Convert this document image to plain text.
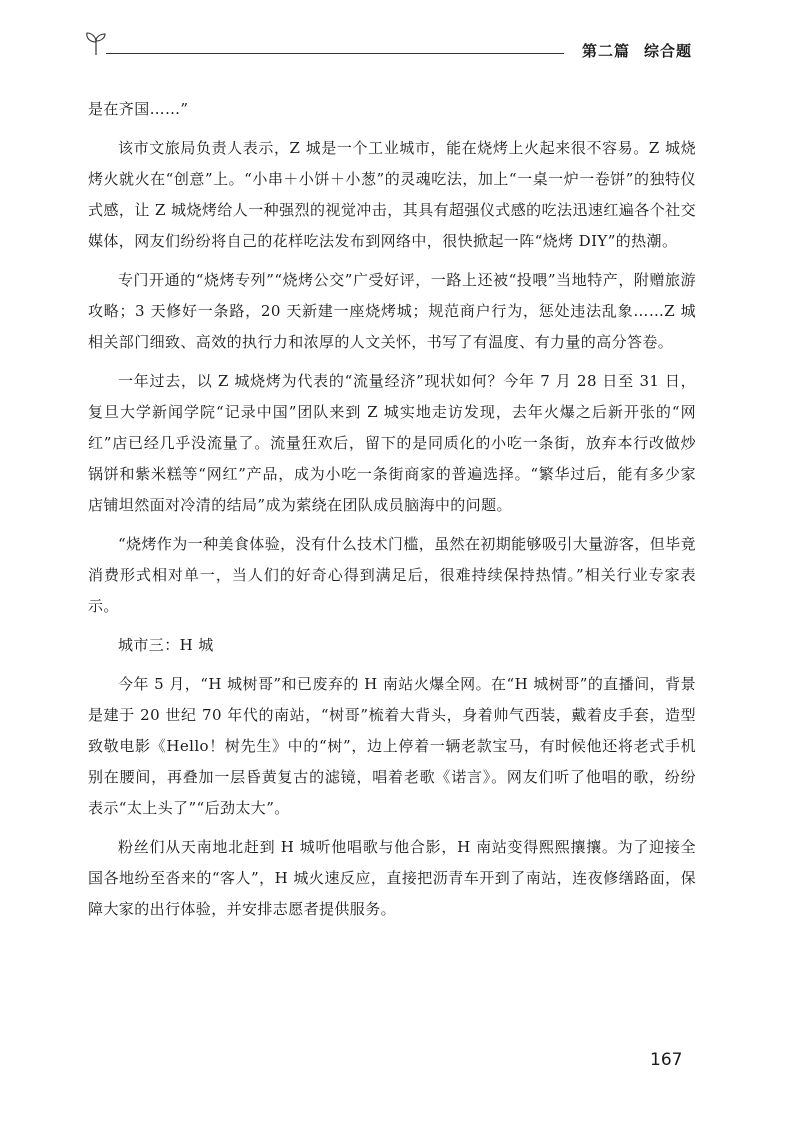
第二篇 综合题

是在齐国……”

该市文旅局负责人表示，Z 城是一个工业城市，能在烧烤上火起来很不容易。Z 城烧烤火就火在“创意”上。“小串＋小饼＋小葱”的灵魂吃法，加上“一桌一炉一卷饼”的独特仪式感，让 Z 城烧烤给人一种强烈的视觉冲击，其具有超强仪式感的吃法迅速红遍各个社交媒体，网友们纷纷将自己的花样吃法发布到网络中，很快掀起一阵“烧烤 DIY”的热潮。

专门开通的“烧烤专列”“烧烤公交”广受好评，一路上还被“投喂”当地特产，附赠旅游攻略；3 天修好一条路，20 天新建一座烧烤城；规范商户行为，惩处违法乱象……Z 城相关部门细致、高效的执行力和浓厚的人文关怀，书写了有温度、有力量的高分答卷。

一年过去，以 Z 城烧烤为代表的“流量经济”现状如何？今年 7 月 28 日至 31 日，复旦大学新闻学院“记录中国”团队来到 Z 城实地走访发现，去年火爆之后新开张的“网红”店已经几乎没流量了。流量狂欢后，留下的是同质化的小吃一条街，放弃本行改做炒锅饼和紫米糕等“网红”产品，成为小吃一条街商家的普遍选择。“繁华过后，能有多少家店铺坦然面对冷清的结局”成为萦绕在团队成员脑海中的问题。

“烧烤作为一种美食体验，没有什么技术门槛，虽然在初期能够吸引大量游客，但毕竟消费形式相对单一，当人们的好奇心得到满足后，很难持续保持热情。”相关行业专家表示。

城市三：H 城

今年 5 月，“H 城树哥”和已废弃的 H 南站火爆全网。在“H 城树哥”的直播间，背景是建于 20 世纪 70 年代的南站，“树哥”梳着大背头，身着帅气西装，戴着皮手套，造型致敬电影《Hello！树先生》中的“树”，边上停着一辆老款宝马，有时候他还将老式手机别在腰间，再叠加一层昏黄复古的滤镜，唱着老歌《诺言》。网友们听了他唱的歌，纷纷表示“太上头了”“后劲太大”。

粉丝们从天南地北赶到 H 城听他唱歌与他合影，H 南站变得熙熙攘攘。为了迎接全国各地纷至沓来的“客人”，H 城火速反应，直接把沥青车开到了南站，连夜修缮路面，保障大家的出行体验，并安排志愿者提供服务。

167
